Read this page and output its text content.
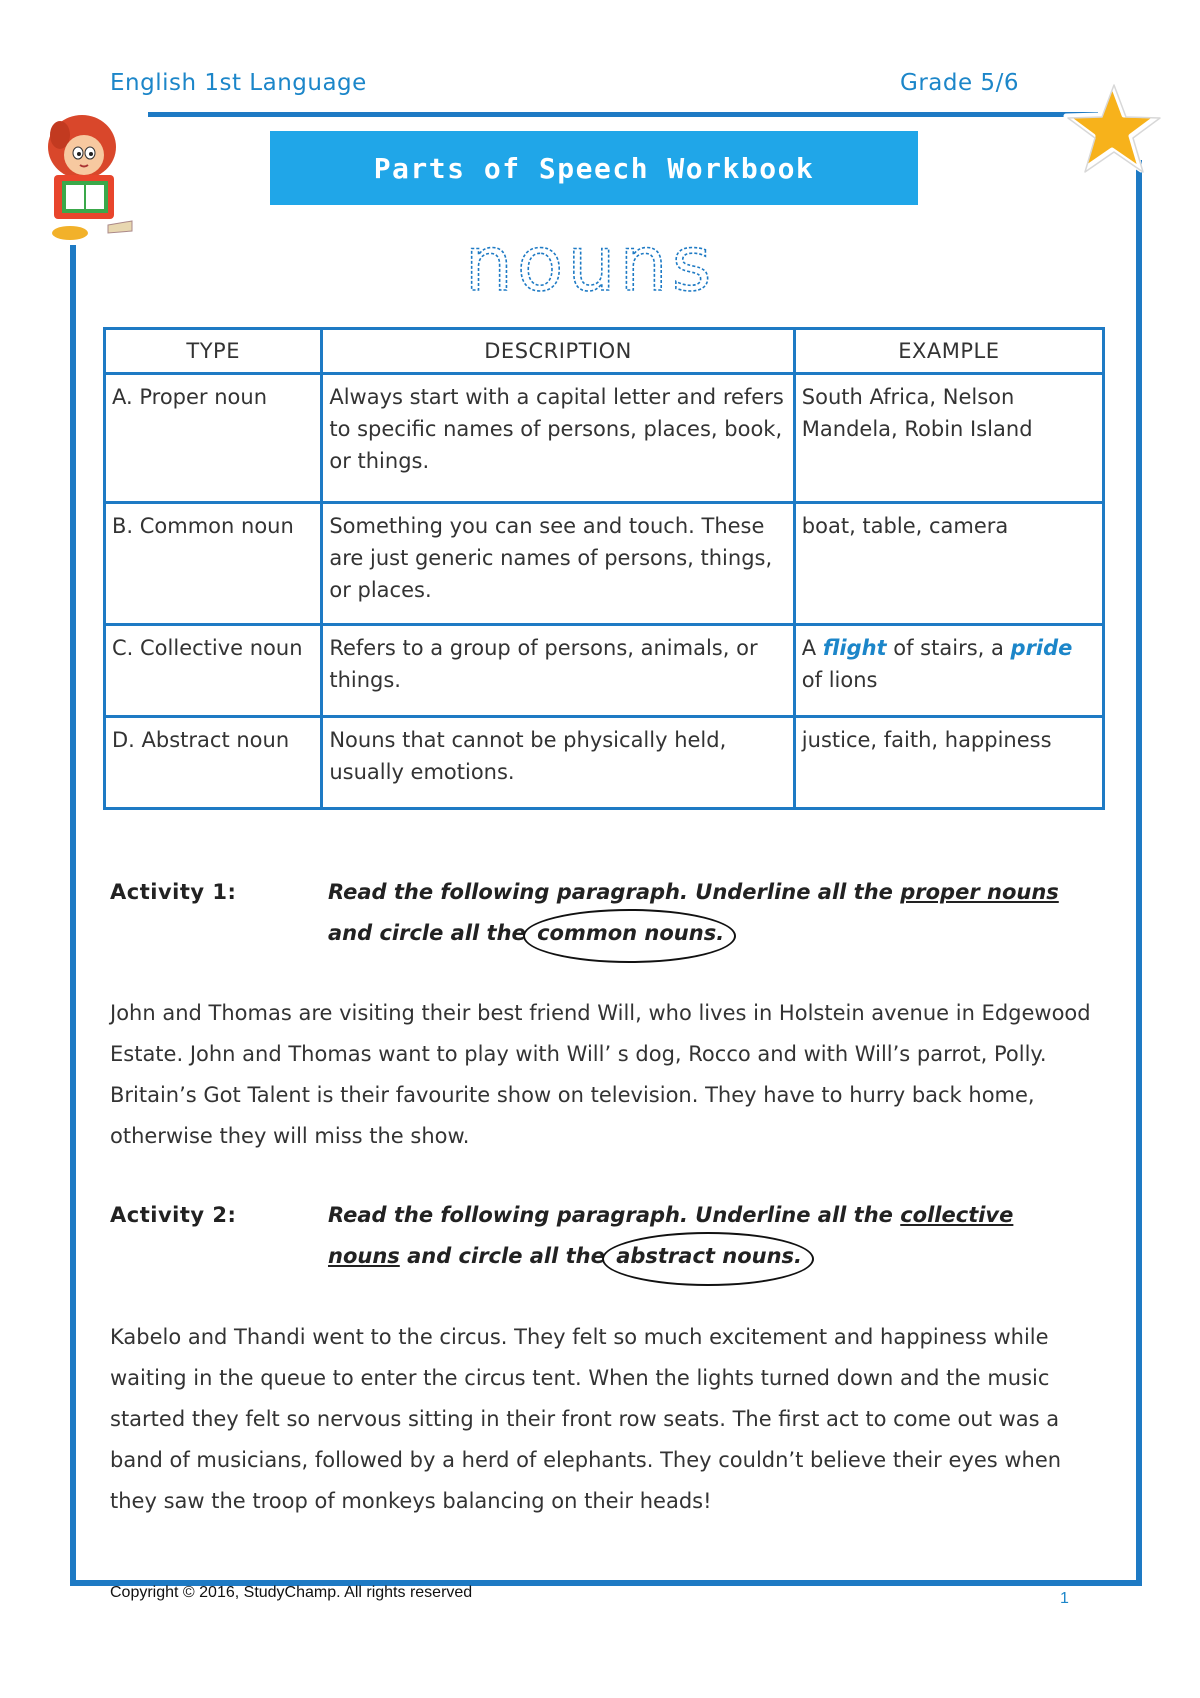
English 1st Language	Grade 5/6
Parts of Speech Workbook
nouns
TYPE	DESCRIPTION	EXAMPLE
A. Proper noun	Always start with a capital letter and refers to specific names of persons, places, book, or things.	South Africa, Nelson Mandela, Robin Island
B. Common noun	Something you can see and touch. These are just generic names of persons, things, or places.	boat, table, camera
C. Collective noun	Refers to a group of persons, animals, or things.	A flight of stairs, a pride of lions
D. Abstract noun	Nouns that cannot be physically held, usually emotions.	justice, faith, happiness
Activity 1:	Read the following paragraph. Underline all the proper nouns and circle all the common nouns.
John and Thomas are visiting their best friend Will, who lives in Holstein avenue in Edgewood Estate. John and Thomas want to play with Will’ s dog, Rocco and with Will’s parrot, Polly. Britain’s Got Talent is their favourite show on television. They have to hurry back home, otherwise they will miss the show.
Activity 2:	Read the following paragraph. Underline all the collective nouns and circle all the abstract nouns.
Kabelo and Thandi went to the circus. They felt so much excitement and happiness while waiting in the queue to enter the circus tent. When the lights turned down and the music started they felt so nervous sitting in their front row seats. The first act to come out was a band of musicians, followed by a herd of elephants. They couldn’t believe their eyes when they saw the troop of monkeys balancing on their heads!
Copyright © 2016, StudyChamp. All rights reserved	1
